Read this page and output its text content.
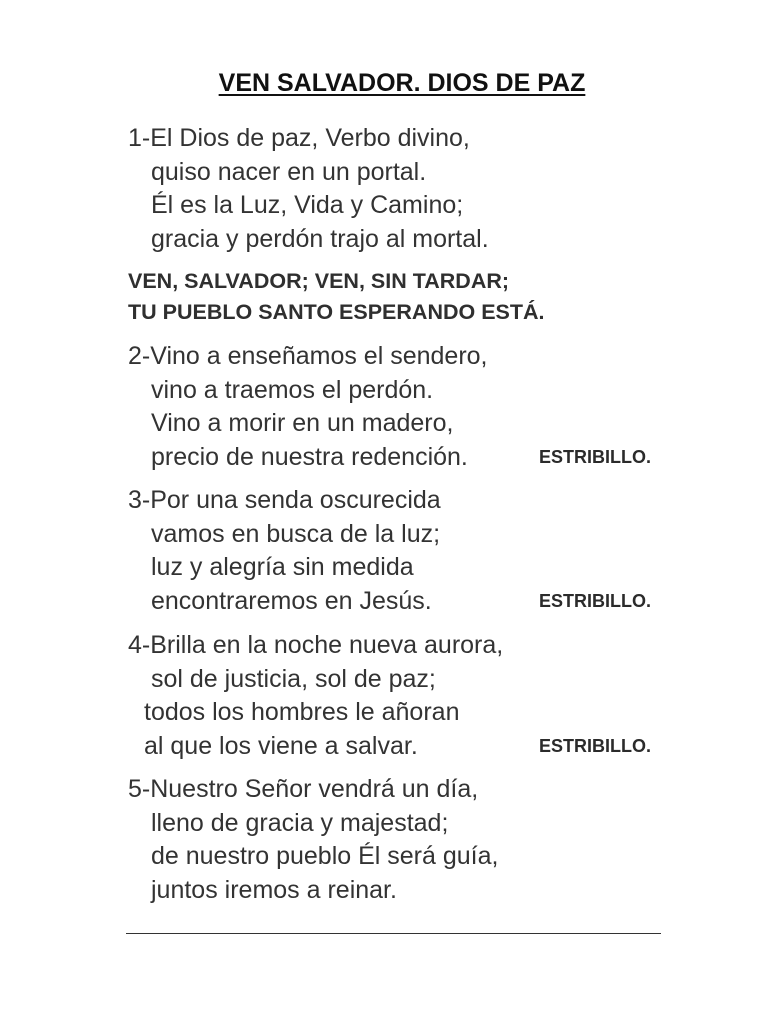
VEN SALVADOR. DIOS DE PAZ
1-El Dios de paz, Verbo divino,
quiso nacer en un portal.
Él es la Luz, Vida y Camino;
gracia y perdón trajo al mortal.
VEN, SALVADOR; VEN, SIN TARDAR;
TU PUEBLO SANTO ESPERANDO ESTÁ.
2-Vino a enseñamos el sendero,
vino a traemos el perdón.
Vino a morir en un madero,
precio de nuestra redención.	ESTRIBILLO.
3-Por una senda oscurecida
vamos en busca de la luz;
luz y alegría sin medida
encontraremos en Jesús.	ESTRIBILLO.
4-Brilla en la noche nueva aurora,
sol de justicia, sol de paz;
todos los hombres le añoran
al que los viene a salvar.	ESTRIBILLO.
5-Nuestro Señor vendrá un día,
lleno de gracia y majestad;
de nuestro pueblo Él será guía,
juntos iremos a reinar.
